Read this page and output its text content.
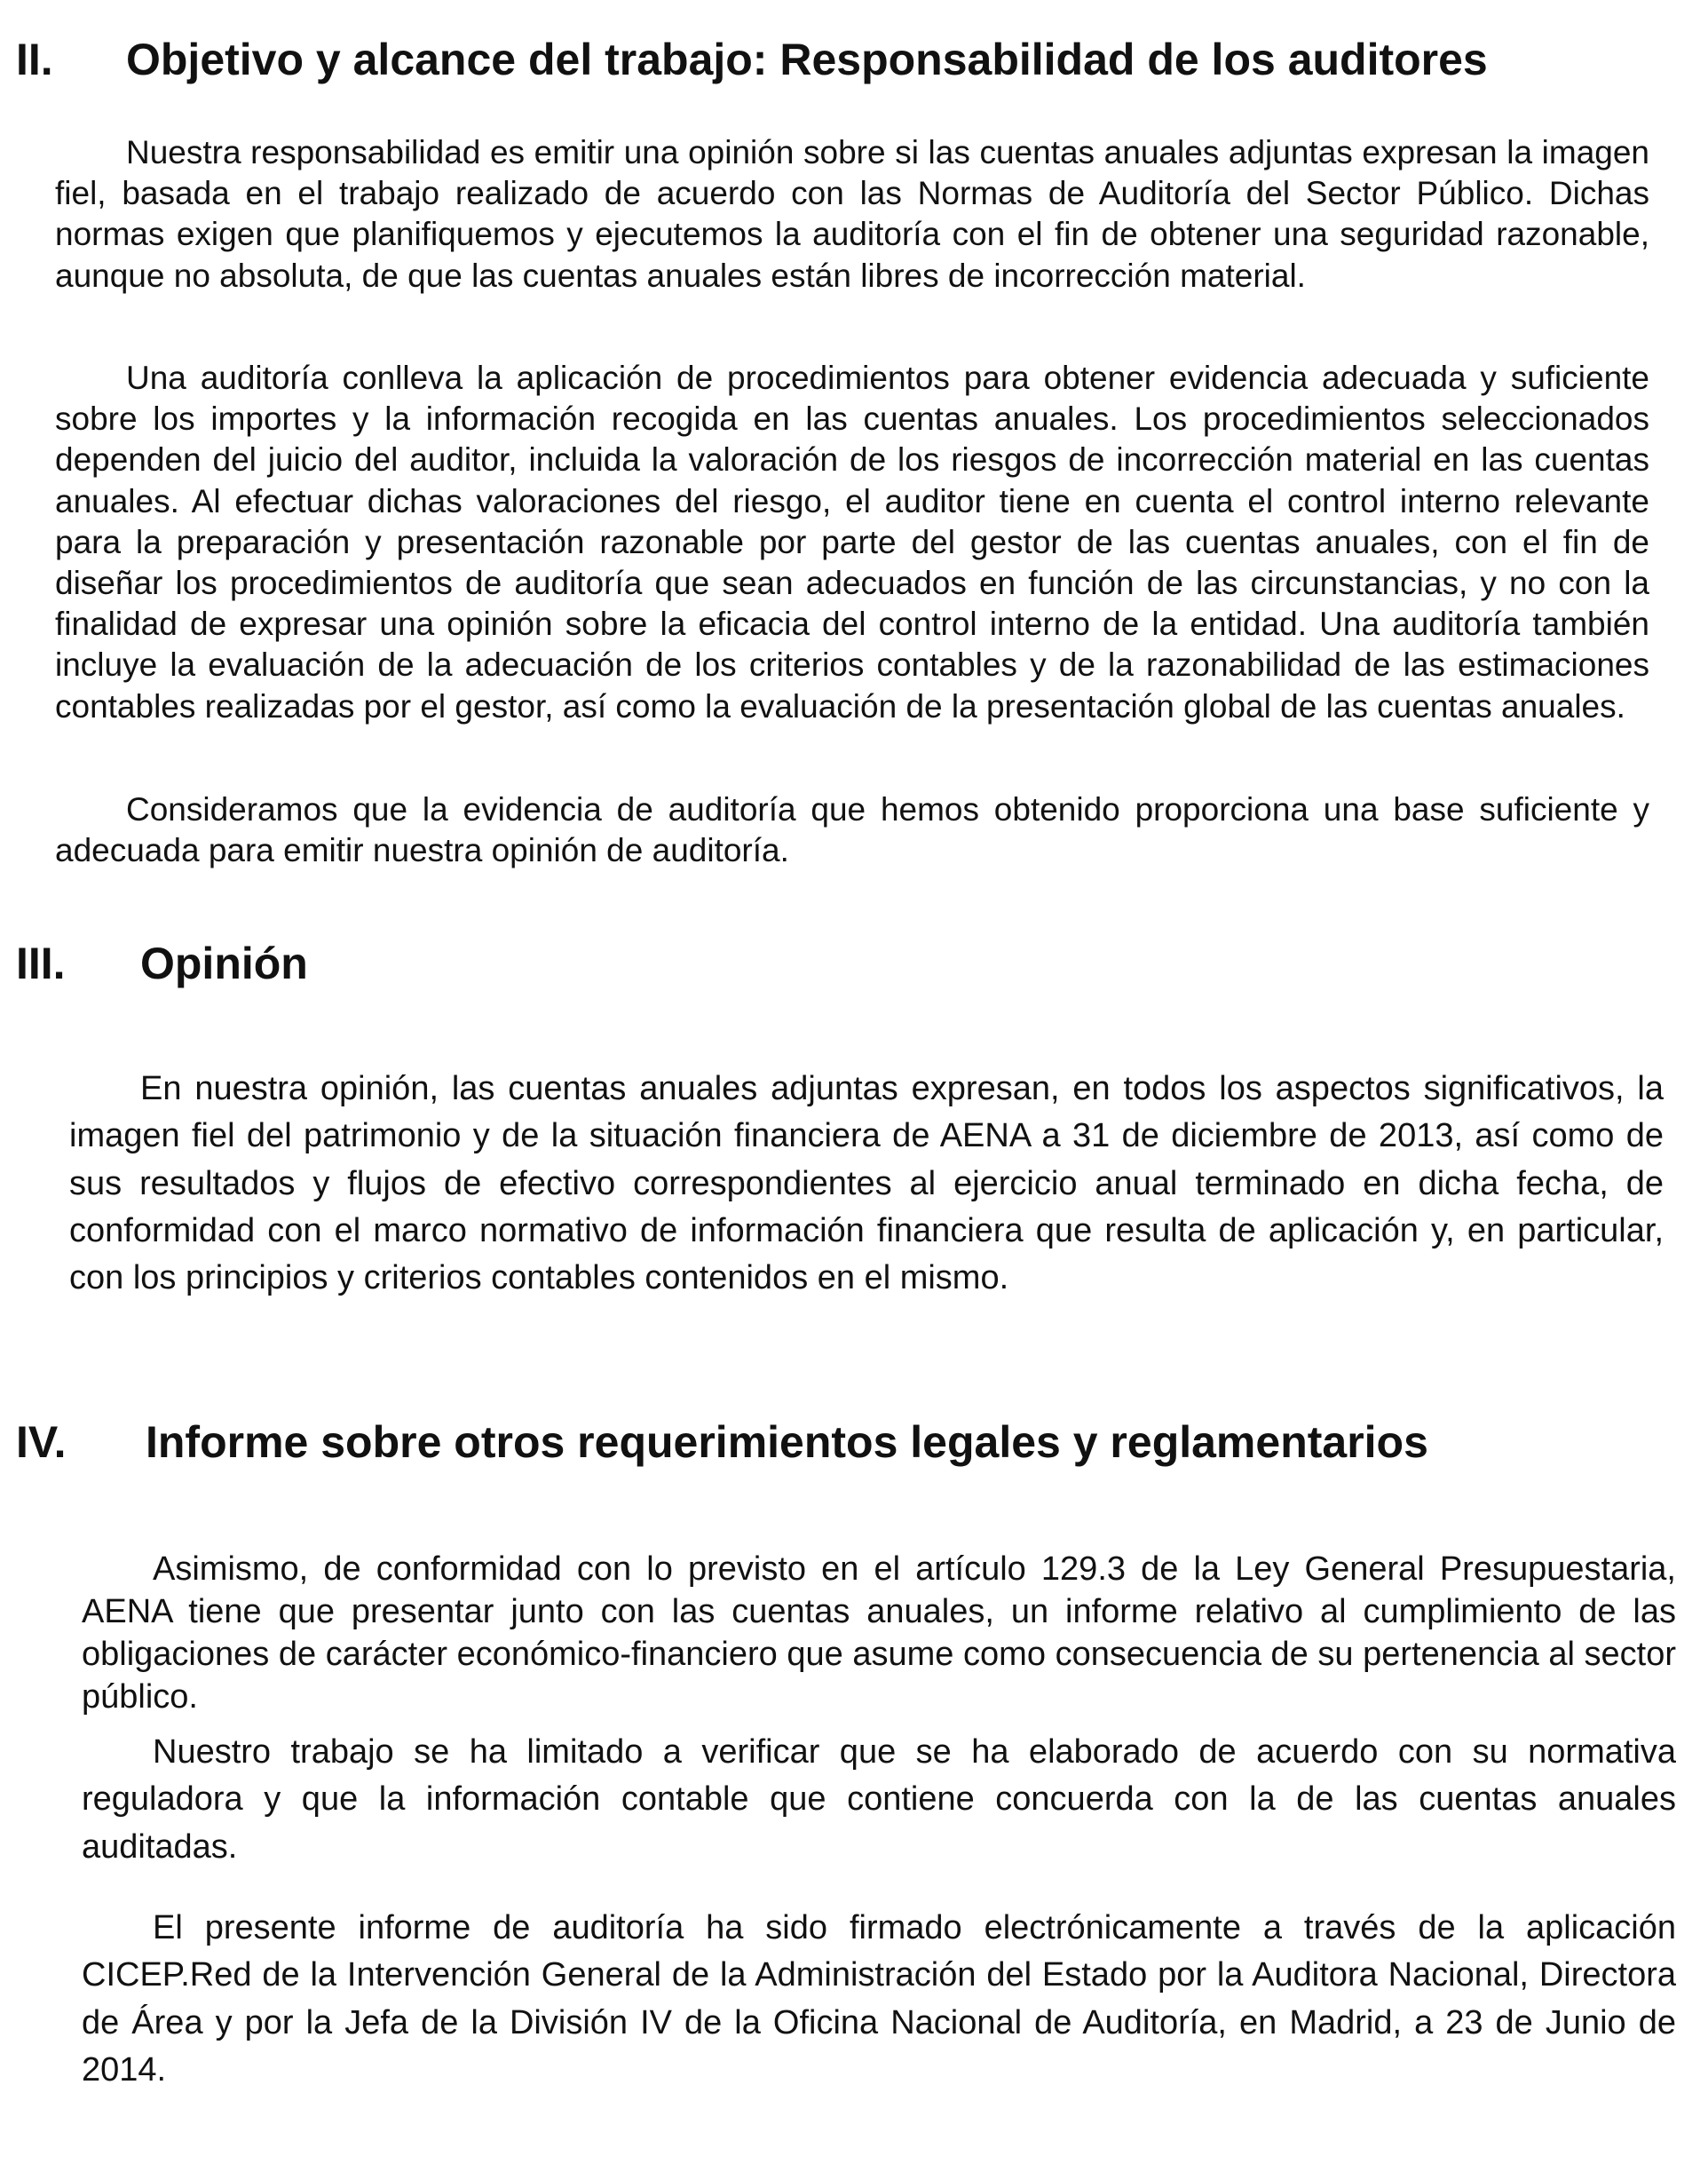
II. Objetivo y alcance del trabajo: Responsabilidad de los auditores

Nuestra responsabilidad es emitir una opinión sobre si las cuentas anuales adjuntas expresan la imagen fiel, basada en el trabajo realizado de acuerdo con las Normas de Auditoría del Sector Público. Dichas normas exigen que planifiquemos y ejecutemos la auditoría con el fin de obtener una seguridad razonable, aunque no absoluta, de que las cuentas anuales están libres de incorrección material.

Una auditoría conlleva la aplicación de procedimientos para obtener evidencia adecuada y suficiente sobre los importes y la información recogida en las cuentas anuales. Los procedimientos seleccionados dependen del juicio del auditor, incluida la valoración de los riesgos de incorrección material en las cuentas anuales. Al efectuar dichas valoraciones del riesgo, el auditor tiene en cuenta el control interno relevante para la preparación y presentación razonable por parte del gestor de las cuentas anuales, con el fin de diseñar los procedimientos de auditoría que sean adecuados en función de las circunstancias, y no con la finalidad de expresar una opinión sobre la eficacia del control interno de la entidad. Una auditoría también incluye la evaluación de la adecuación de los criterios contables y de la razonabilidad de las estimaciones contables realizadas por el gestor, así como la evaluación de la presentación global de las cuentas anuales.

Consideramos que la evidencia de auditoría que hemos obtenido proporciona una base suficiente y adecuada para emitir nuestra opinión de auditoría.

III. Opinión

En nuestra opinión, las cuentas anuales adjuntas expresan, en todos los aspectos significativos, la imagen fiel del patrimonio y de la situación financiera de AENA a 31 de diciembre de 2013, así como de sus resultados y flujos de efectivo correspondientes al ejercicio anual terminado en dicha fecha, de conformidad con el marco normativo de información financiera que resulta de aplicación y, en particular, con los principios y criterios contables contenidos en el mismo.

IV. Informe sobre otros requerimientos legales y reglamentarios

Asimismo, de conformidad con lo previsto en el artículo 129.3 de la Ley General Presupuestaria, AENA tiene que presentar junto con las cuentas anuales, un informe relativo al cumplimiento de las obligaciones de carácter económico-financiero que asume como consecuencia de su pertenencia al sector público.

Nuestro trabajo se ha limitado a verificar que se ha elaborado de acuerdo con su normativa reguladora y que la información contable que contiene concuerda con la de las cuentas anuales auditadas.

El presente informe de auditoría ha sido firmado electrónicamente a través de la aplicación CICEP.Red de la Intervención General de la Administración del Estado por la Auditora Nacional, Directora de Área y por la Jefa de la División IV de la Oficina Nacional de Auditoría, en Madrid, a 23 de Junio de 2014.
